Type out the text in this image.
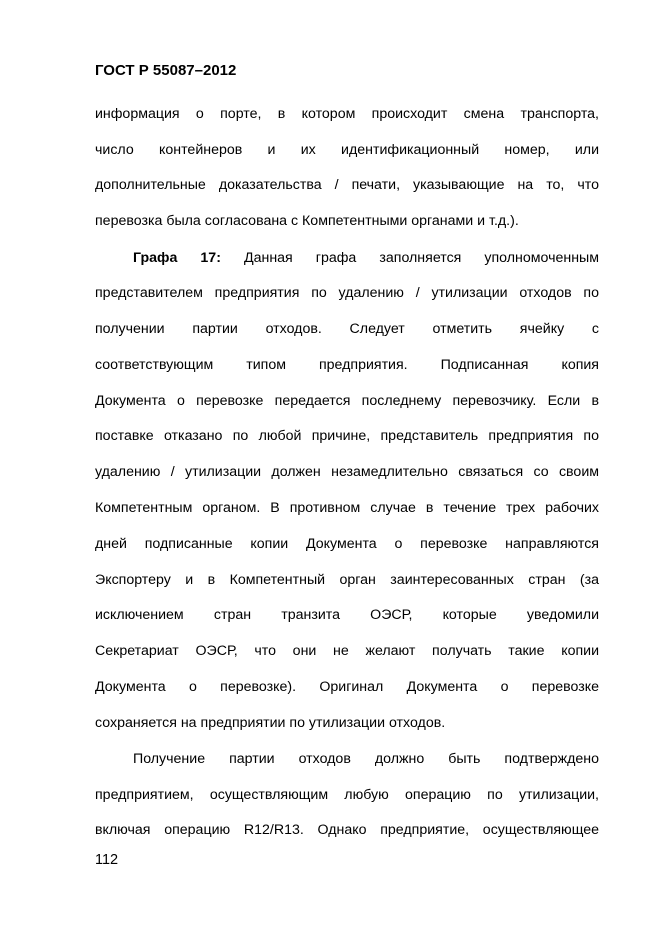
ГОСТ Р 55087–2012
информация о порте, в котором происходит смена транспорта,
число контейнеров и их идентификационный номер, или
дополнительные доказательства / печати, указывающие на то, что
перевозка была согласована с Компетентными органами и т.д.).
Графа 17: Данная графа заполняется уполномоченным
представителем предприятия по удалению / утилизации отходов по
получении партии отходов. Следует отметить ячейку с
соответствующим типом предприятия. Подписанная копия
Документа о перевозке передается последнему перевозчику. Если в
поставке отказано по любой причине, представитель предприятия по
удалению / утилизации должен незамедлительно связаться со своим
Компетентным органом. В противном случае в течение трех рабочих
дней подписанные копии Документа о перевозке направляются
Экспортеру и в Компетентный орган заинтересованных стран (за
исключением стран транзита ОЭСР, которые уведомили
Секретариат ОЭСР, что они не желают получать такие копии
Документа о перевозке). Оригинал Документа о перевозке
сохраняется на предприятии по утилизации отходов.
Получение партии отходов должно быть подтверждено
предприятием, осуществляющим любую операцию по утилизации,
включая операцию R12/R13. Однако предприятие, осуществляющее
112
